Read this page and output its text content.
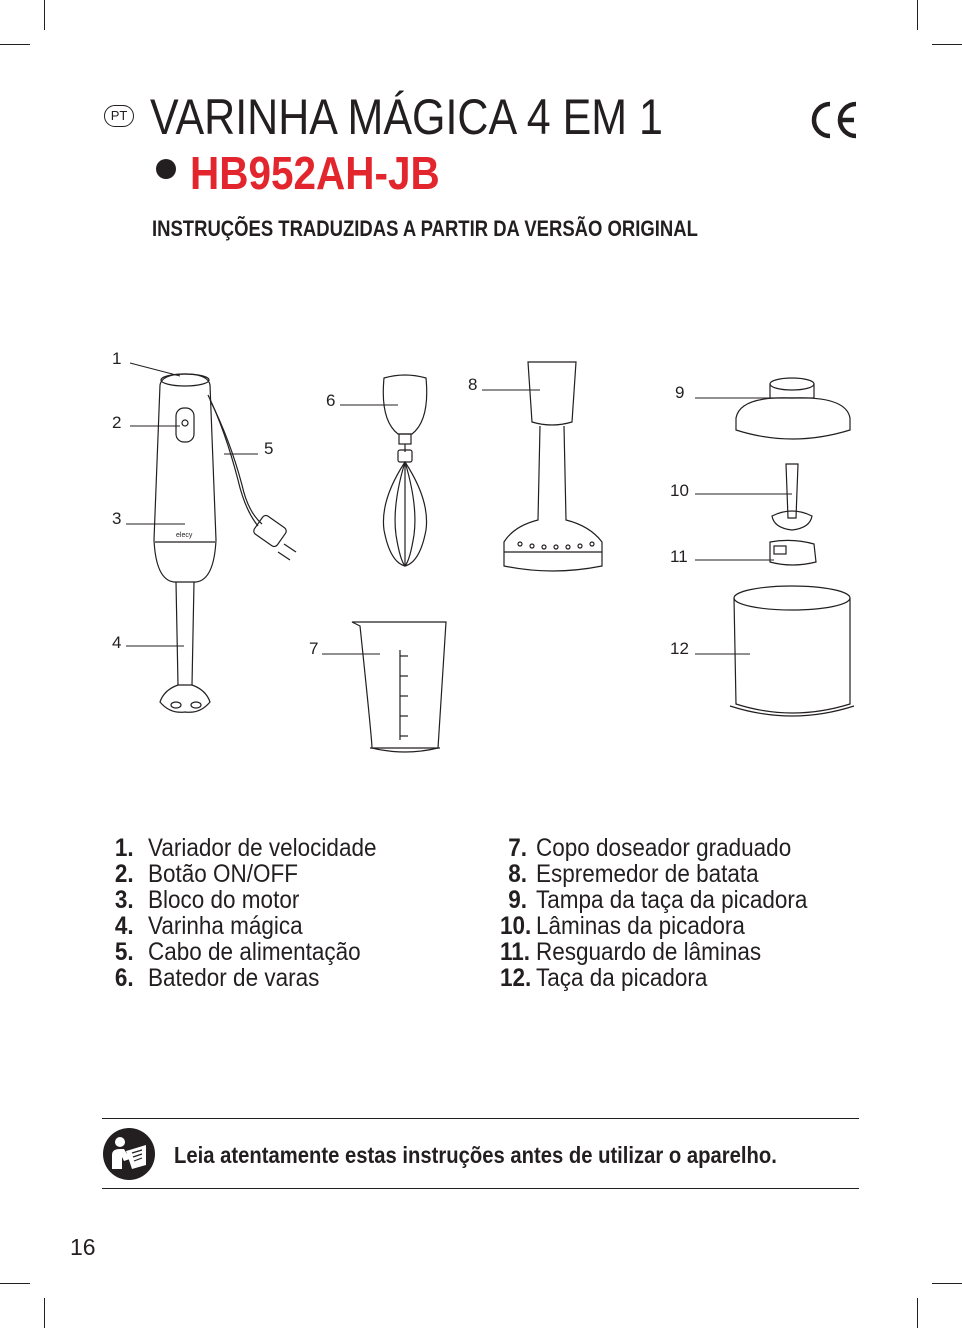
PT VARINHA MÁGICA 4 EM 1
HB952AH-JB
INSTRUÇÕES TRADUZIDAS A PARTIR DA VERSÃO ORIGINAL
elecy
1
2
3
4
5
6
7
8	9
10
11
12
1. Variador de velocidade
2. Botão ON/OFF
3. Bloco do motor
4. Varinha mágica
5. Cabo de alimentação
6. Batedor de varas
7. Copo doseador graduado
8. Espremedor de batata
9. Tampa da taça da picadora
10. Lâminas da picadora
11. Resguardo de lâminas
12. Taça da picadora
Leia atentamente estas instruções antes de utilizar o aparelho.
16
